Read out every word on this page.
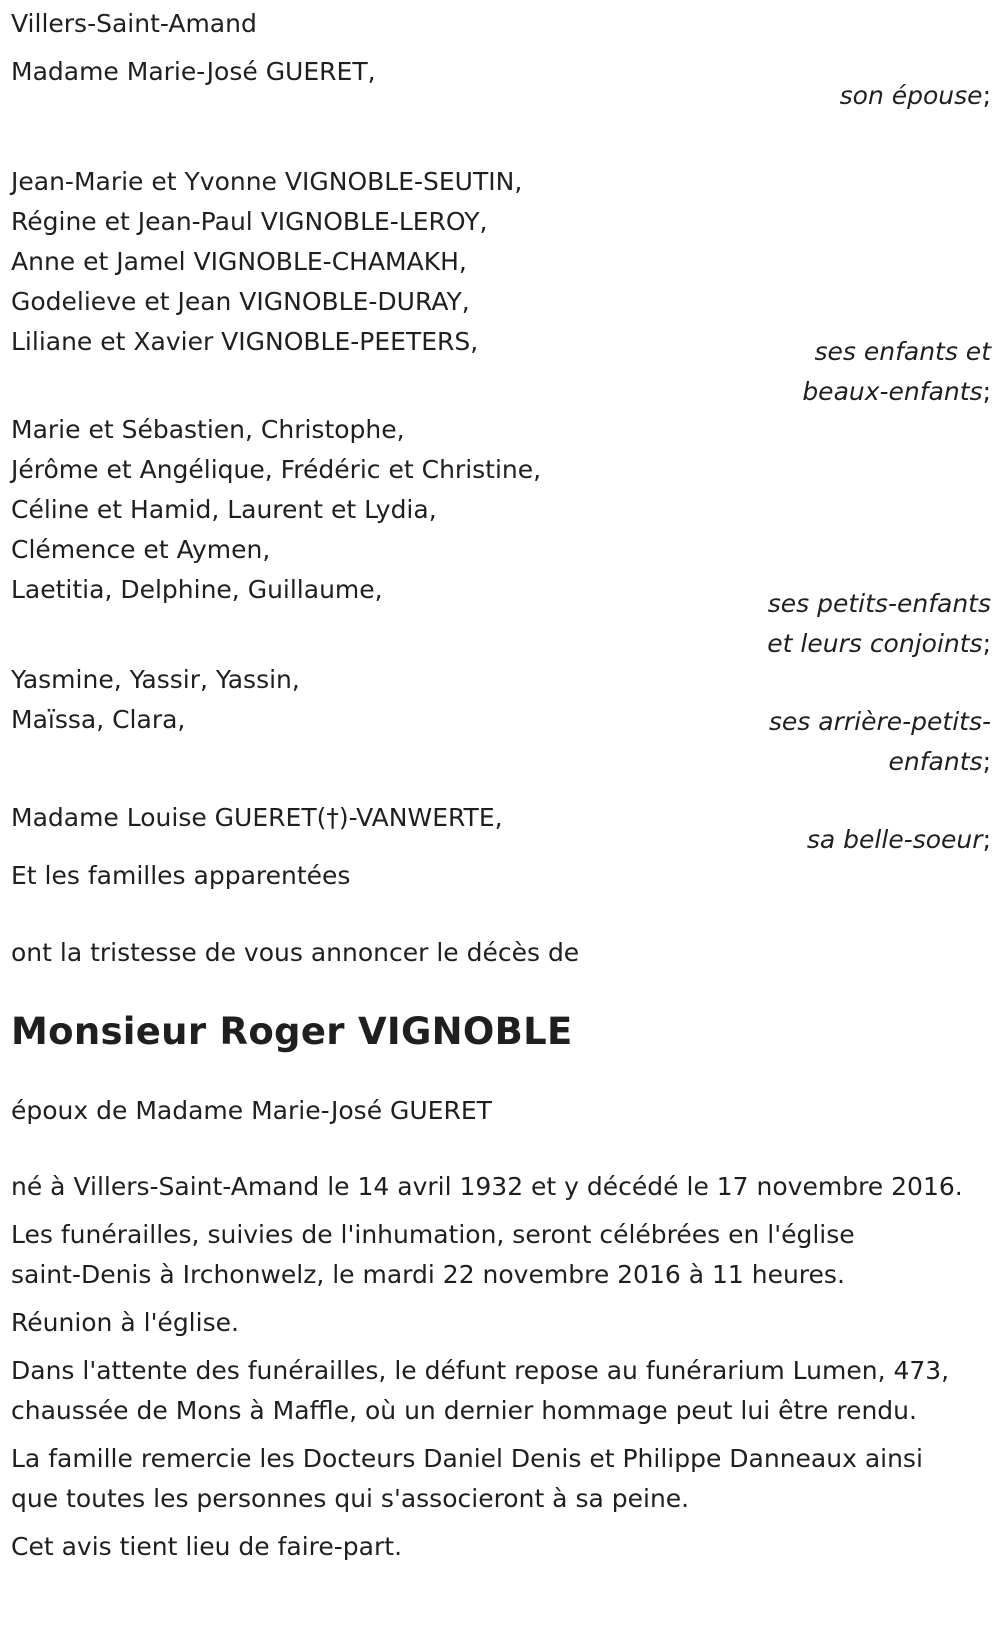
Villers-Saint-Amand
Madame Marie-José GUERET,
son épouse;
Jean-Marie et Yvonne VIGNOBLE-SEUTIN,
Régine et Jean-Paul VIGNOBLE-LEROY,
Anne et Jamel VIGNOBLE-CHAMAKH,
Godelieve et Jean VIGNOBLE-DURAY,
Liliane et Xavier VIGNOBLE-PEETERS,	ses enfants et
beaux-enfants;
Marie et Sébastien, Christophe,
Jérôme et Angélique, Frédéric et Christine,
Céline et Hamid, Laurent et Lydia,
Clémence et Aymen,
Laetitia, Delphine, Guillaume,	ses petits-enfants
et leurs conjoints;
Yasmine, Yassir, Yassin,
Maïssa, Clara,	ses arrière-petits-
enfants;
Madame Louise GUERET(†)-VANWERTE,
sa belle-soeur;
Et les familles apparentées
ont la tristesse de vous annoncer le décès de
Monsieur Roger VIGNOBLE
époux de Madame Marie-José GUERET
né à Villers-Saint-Amand le 14 avril 1932 et y décédé le 17 novembre 2016.
Les funérailles, suivies de l'inhumation, seront célébrées en l'église saint-Denis à Irchonwelz, le mardi 22 novembre 2016 à 11 heures.
Réunion à l'église.
Dans l'attente des funérailles, le défunt repose au funérarium Lumen, 473, chaussée de Mons à Maffle, où un dernier hommage peut lui être rendu.
La famille remercie les Docteurs Daniel Denis et Philippe Danneaux ainsi que toutes les personnes qui s'associeront à sa peine.
Cet avis tient lieu de faire-part.
